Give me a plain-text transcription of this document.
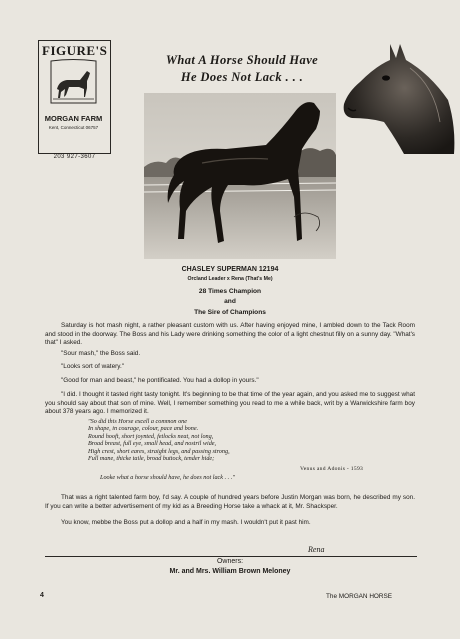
FIGURE'S
MORGAN FARM
Kent, Connecticut 06757
203 927-3607
What A Horse Should Have
He Does Not Lack . . .
CHASLEY SUPERMAN 12194
Orcland Leader x Rena (That's Me)
28 Times Champion
and
The Sire of Champions

Saturday is hot mash night, a rather pleasant custom with us. After having enjoyed mine, I ambled down to the Tack Room and stood in the doorway. The Boss and his Lady were drinking something the color of a light chestnut filly on a sunny day. "What's that" I asked.

"Sour mash," the Boss said.

"Looks sort of watery."

"Good for man and beast," he pontificated. You had a dollop in yours."

"I did. I thought it tasted right tasty tonight. It's beginning to be that time of the year again, and you asked me to suggest what you should say about that son of mine. Well, I remember something you read to me a while back, writ by a Warwickshire farm boy about 378 years ago. I memorized it.

"So did this Horse excell a common one
In shape, in courage, colour, pace and bone.
Round hooft, short joynted, fetlocks neat, not long,
Broad breast, full eye, small head, and nostril wide,
High crest, short eares, straight legs, and passing strong,
Full mane, thicke taile, broad buttock, tender hide;
Venus and Adonis - 1593
Looke what a horse should have, he does not lack . . ."

That was a right talented farm boy, I'd say. A couple of hundred years before Justin Morgan was born, he described my son. If you can write a better advertisement of my kid as a Breeding Horse take a whack at it, Mr. Shacksper.

You know, mebbe the Boss put a dollop and a half in my mash. I wouldn't put it past him.

Rena
Owners:
Mr. and Mrs. William Brown Meloney
4	The MORGAN HORSE
